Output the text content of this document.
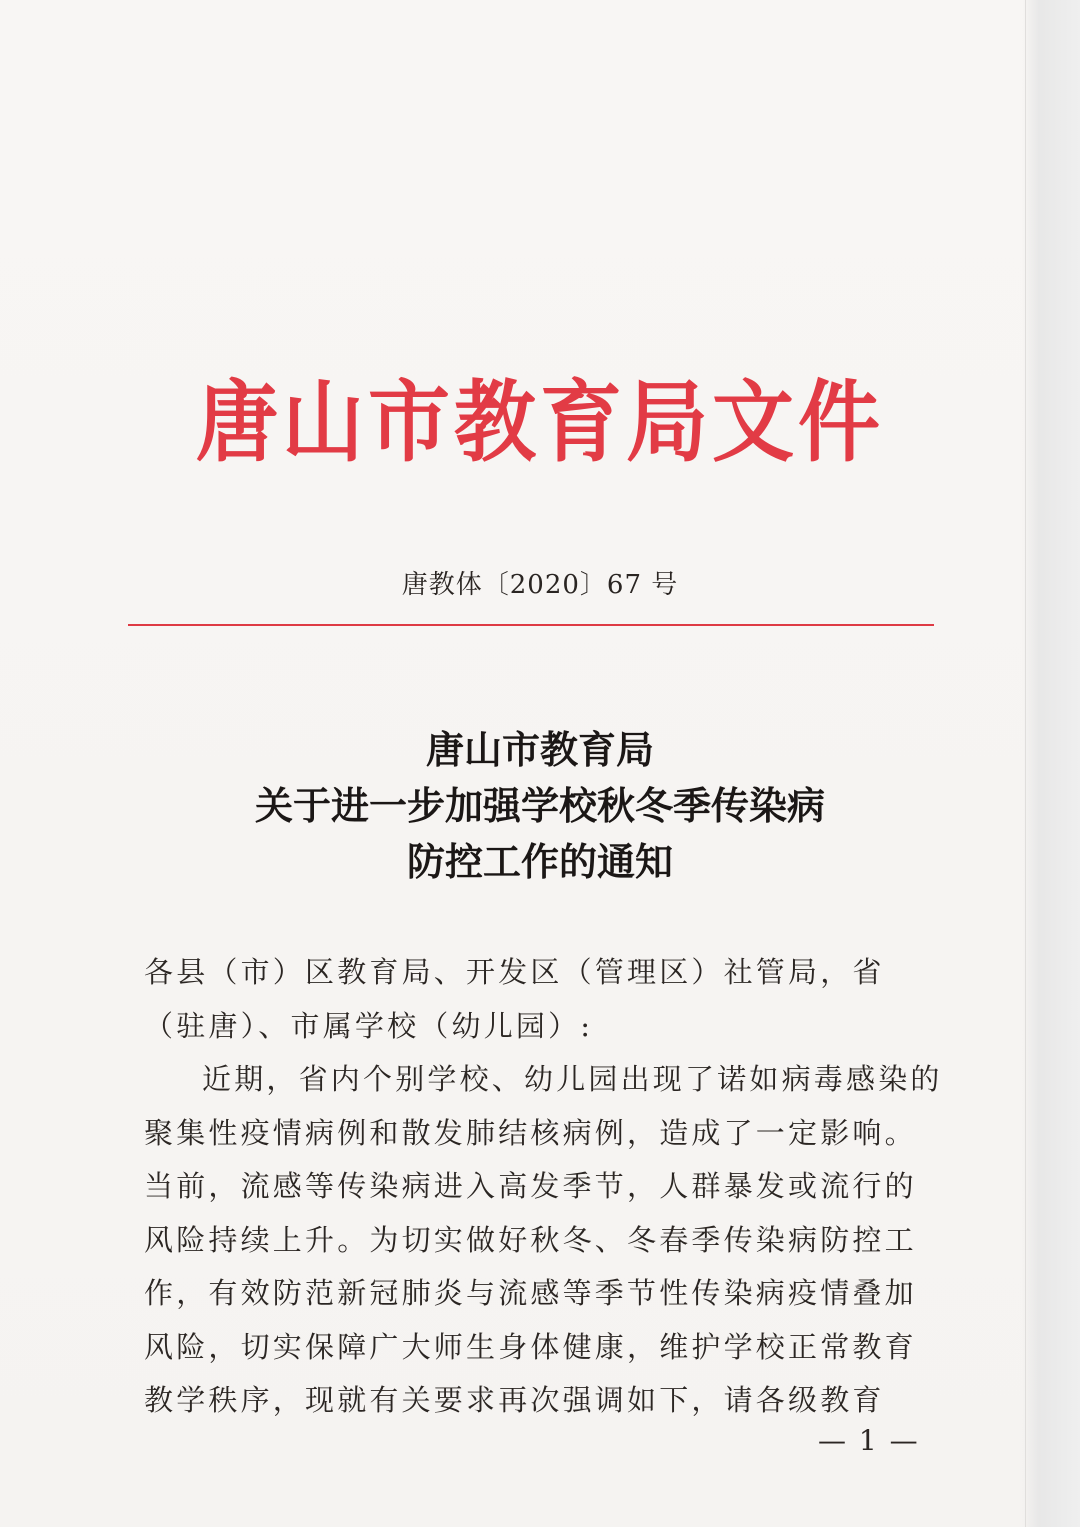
唐山市教育局文件
唐教体〔2020〕67 号
唐山市教育局
关于进一步加强学校秋冬季传染病
防控工作的通知

各县（市）区教育局、开发区（管理区）社管局，省（驻唐）、市属学校（幼儿园）:

近期，省内个别学校、幼儿园出现了诺如病毒感染的聚集性疫情病例和散发肺结核病例，造成了一定影响。当前，流感等传染病进入高发季节，人群暴发或流行的风险持续上升。为切实做好秋冬、冬春季传染病防控工作，有效防范新冠肺炎与流感等季节性传染病疫情叠加风险，切实保障广大师生身体健康，维护学校正常教育教学秩序，现就有关要求再次强调如下，请各级教育

— 1 —
